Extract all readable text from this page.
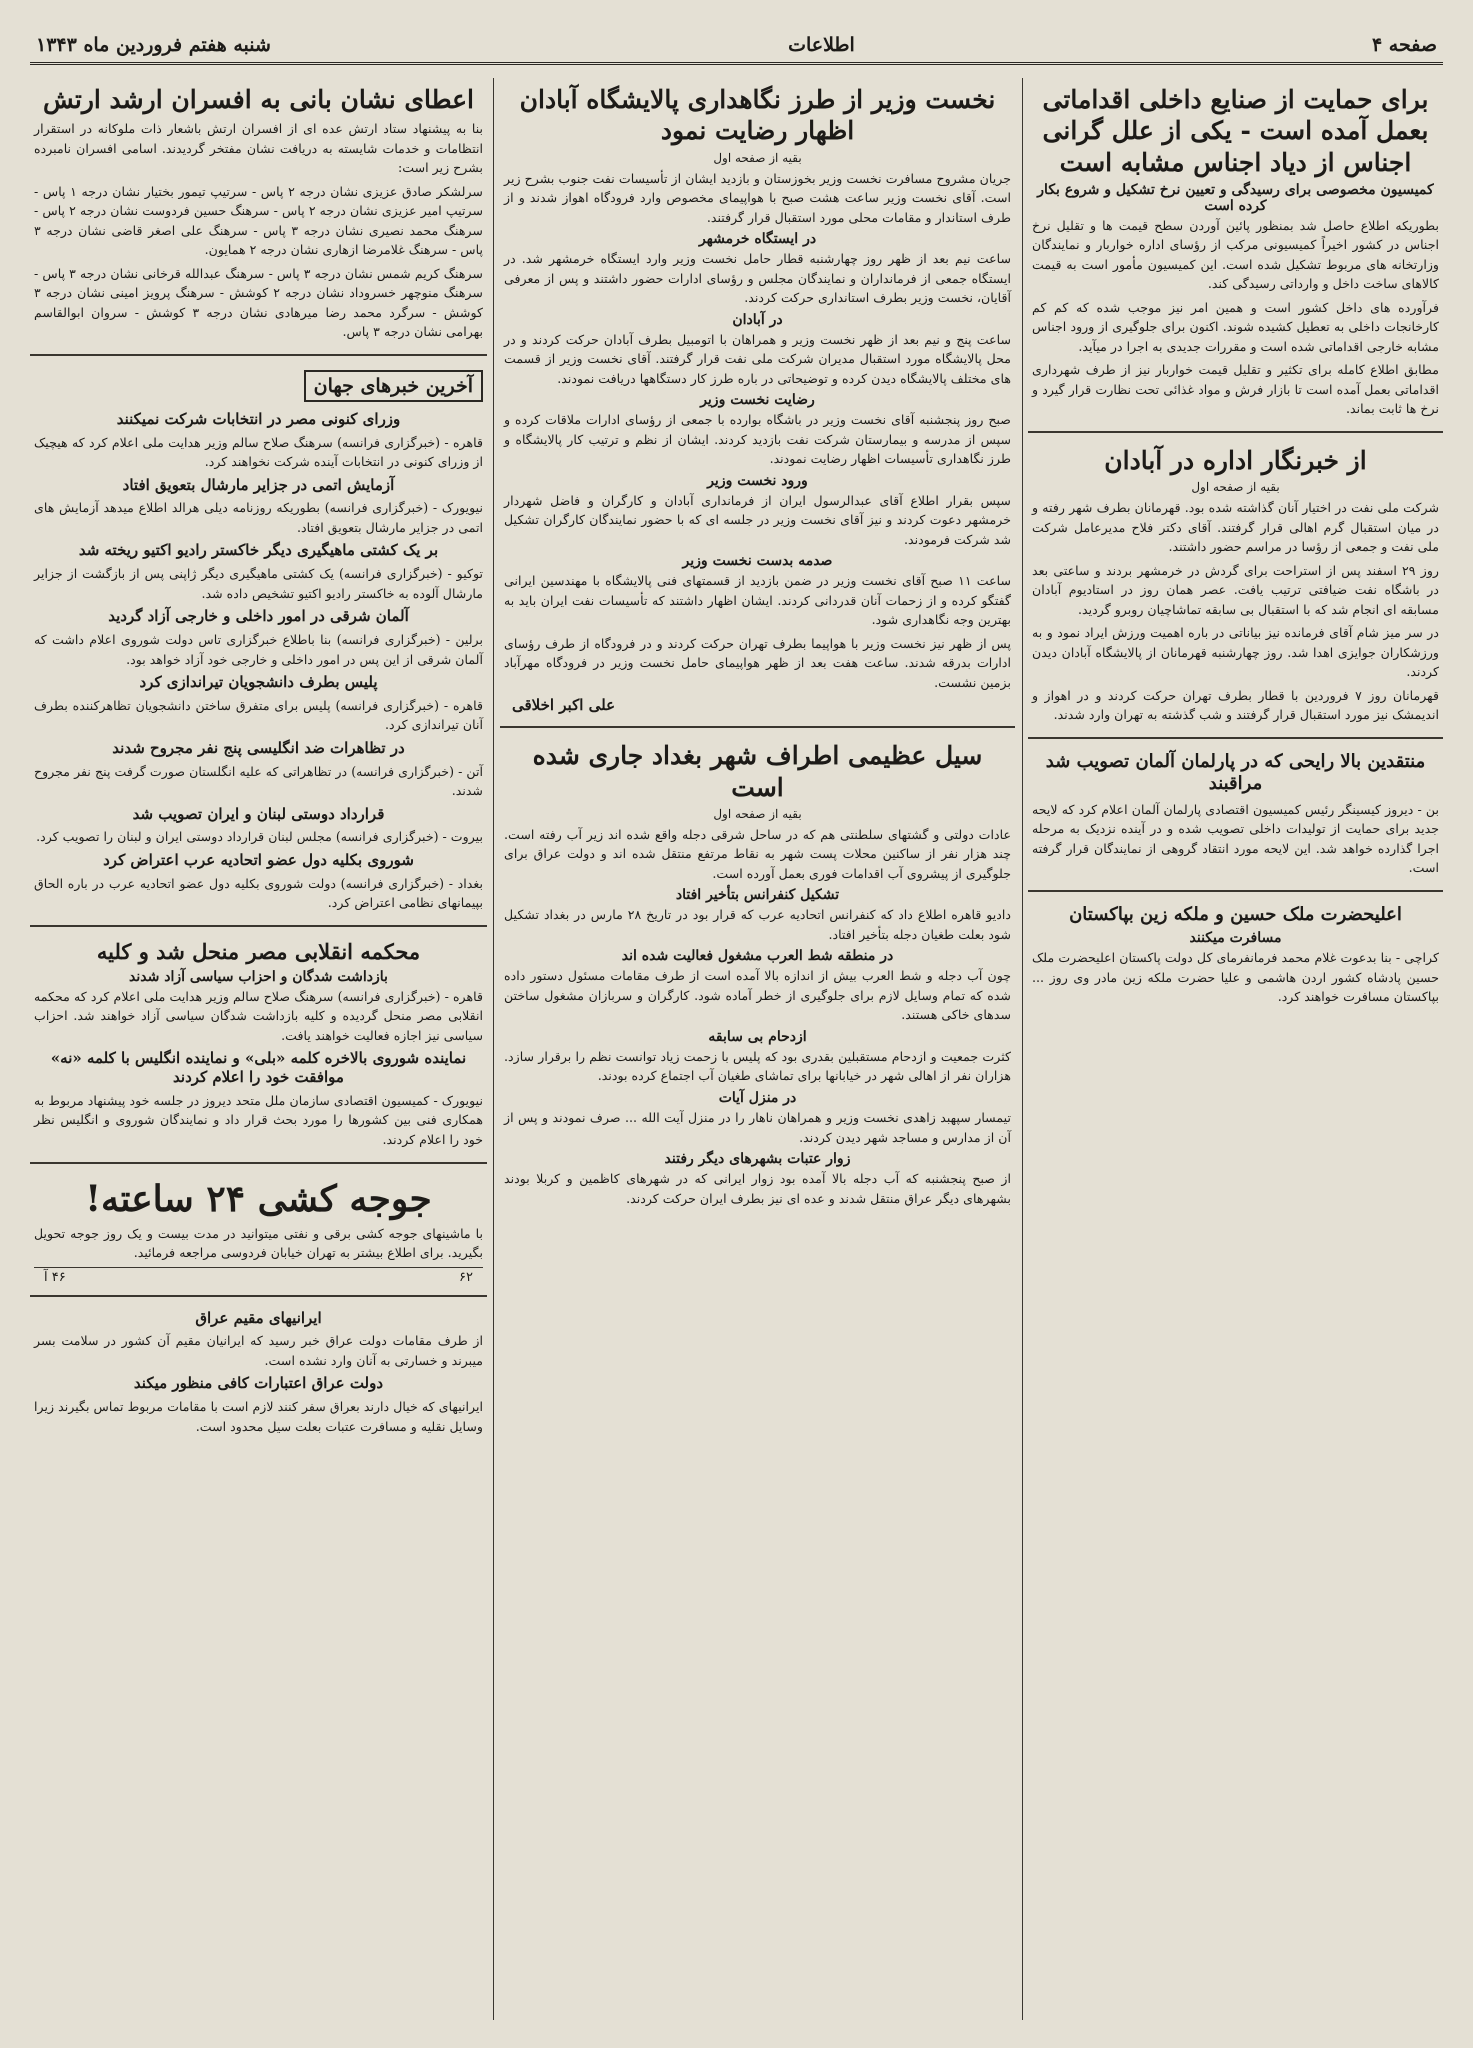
صفحه ۴
اطلاعات
شنبه هفتم فروردین ماه ۱۳۴۳
برای حمایت از صنایع داخلی اقداماتی بعمل آمده است - یکی از علل گرانی اجناس از دیاد اجناس مشابه است
کمیسیون مخصوصی برای رسیدگی و تعیین نرخ تشکیل و شروع بکار کرده است

بطوریکه اطلاع حاصل شد بمنظور پائین آوردن سطح قیمت ها و تقلیل نرخ اجناس در کشور اخیراً کمیسیونی مرکب از رؤسای اداره خواربار و نمایندگان وزارتخانه های مربوط تشکیل شده است. این کمیسیون مأمور است به قیمت کالاهای ساخت داخل و وارداتی رسیدگی کند.

فرآورده های داخل کشور است و همین امر نیز موجب شده که کم کم کارخانجات داخلی به تعطیل کشیده شوند. اکنون برای جلوگیری از ورود اجناس مشابه خارجی اقداماتی شده است و مقررات جدیدی به اجرا در میآید.

مطابق اطلاع کامله برای تکثیر و تقلیل قیمت خواربار نیز از طرف شهرداری اقداماتی بعمل آمده است تا بازار فرش و مواد غذائی تحت نظارت قرار گیرد و نرخ ها ثابت بماند.

از خبرنگار اداره در آبادان
بقیه از صفحه اول

شرکت ملی نفت در اختیار آنان گذاشته شده بود. قهرمانان بطرف شهر رفته و در میان استقبال گرم اهالی قرار گرفتند. آقای دکتر فلاح مدیرعامل شرکت ملی نفت و جمعی از رؤسا در مراسم حضور داشتند.

روز ۲۹ اسفند پس از استراحت برای گردش در خرمشهر بردند و ساعتی بعد در باشگاه نفت ضیافتی ترتیب یافت. عصر همان روز در استادیوم آبادان مسابقه ای انجام شد که با استقبال بی سابقه تماشاچیان روبرو گردید.

در سر میز شام آقای فرمانده نیز بیاناتی در باره اهمیت ورزش ایراد نمود و به ورزشکاران جوایزی اهدا شد. روز چهارشنبه قهرمانان از پالایشگاه آبادان دیدن کردند.

قهرمانان روز ۷ فروردین با قطار بطرف تهران حرکت کردند و در اهواز و اندیمشک نیز مورد استقبال قرار گرفتند و شب گذشته به تهران وارد شدند.

منتقدین بالا رایحی که در پارلمان آلمان تصویب شد مراقبند

بن - دیروز کیسینگر رئیس کمیسیون اقتصادی پارلمان آلمان اعلام کرد که لایحه جدید برای حمایت از تولیدات داخلی تصویب شده و در آینده نزدیک به مرحله اجرا گذارده خواهد شد. این لایحه مورد انتقاد گروهی از نمایندگان قرار گرفته است.

اعلیحضرت ملک حسین و ملکه زین بپاکستان
مسافرت میکنند

کراچی - بنا بدعوت غلام محمد فرمانفرمای کل دولت پاکستان اعلیحضرت ملک حسین پادشاه کشور اردن هاشمی و علیا حضرت ملکه زین مادر وی روز ... بپاکستان مسافرت خواهند کرد.

نخست وزیر از طرز نگاهداری پالایشگاه آبادان اظهار رضایت نمود
بقیه از صفحه اول

جریان مشروح مسافرت نخست وزیر بخوزستان و بازدید ایشان از تأسیسات نفت جنوب بشرح زیر است. آقای نخست وزیر ساعت هشت صبح با هواپیمای مخصوص وارد فرودگاه اهواز شدند و از طرف استاندار و مقامات محلی مورد استقبال قرار گرفتند.

در ایستگاه خرمشهر

ساعت نیم بعد از ظهر روز چهارشنبه قطار حامل نخست وزیر وارد ایستگاه خرمشهر شد. در ایستگاه جمعی از فرمانداران و نمایندگان مجلس و رؤسای ادارات حضور داشتند و پس از معرفی آقایان، نخست وزیر بطرف استانداری حرکت کردند.

در آبادان

ساعت پنج و نیم بعد از ظهر نخست وزیر و همراهان با اتومبیل بطرف آبادان حرکت کردند و در محل پالایشگاه مورد استقبال مدیران شرکت ملی نفت قرار گرفتند. آقای نخست وزیر از قسمت های مختلف پالایشگاه دیدن کرده و توضیحاتی در باره طرز کار دستگاهها دریافت نمودند.

رضایت نخست وزیر

صبح روز پنجشنبه آقای نخست وزیر در باشگاه بوارده با جمعی از رؤسای ادارات ملاقات کرده و سپس از مدرسه و بیمارستان شرکت نفت بازدید کردند. ایشان از نظم و ترتیب کار پالایشگاه و طرز نگاهداری تأسیسات اظهار رضایت نمودند.

ورود نخست وزیر

سپس بقرار اطلاع آقای عبدالرسول ایران از فرمانداری آبادان و کارگران و فاضل شهردار خرمشهر دعوت کردند و نیز آقای نخست وزیر در جلسه ای که با حضور نمایندگان کارگران تشکیل شد شرکت فرمودند.

صدمه بدست نخست وزیر

ساعت ۱۱ صبح آقای نخست وزیر در ضمن بازدید از قسمتهای فنی پالایشگاه با مهندسین ایرانی گفتگو کرده و از زحمات آنان قدردانی کردند. ایشان اظهار داشتند که تأسیسات نفت ایران باید به بهترین وجه نگاهداری شود.

پس از ظهر نیز نخست وزیر با هواپیما بطرف تهران حرکت کردند و در فرودگاه از طرف رؤسای ادارات بدرقه شدند. ساعت هفت بعد از ظهر هواپیمای حامل نخست وزیر در فرودگاه مهرآباد بزمین نشست.

علی اکبر اخلاقی
سیل عظیمی اطراف شهر بغداد جاری شده است
بقیه از صفحه اول

عادات دولتی و گشتهای سلطنتی هم که در ساحل شرقی دجله واقع شده اند زیر آب رفته است. چند هزار نفر از ساکنین محلات پست شهر به نقاط مرتفع منتقل شده اند و دولت عراق برای جلوگیری از پیشروی آب اقدامات فوری بعمل آورده است.

تشکیل کنفرانس بتأخیر افتاد

دادیو قاهره اطلاع داد که کنفرانس اتحادیه عرب که قرار بود در تاریخ ۲۸ مارس در بغداد تشکیل شود بعلت طغیان دجله بتأخیر افتاد.

در منطقه شط العرب مشغول فعالیت شده اند

چون آب دجله و شط العرب بیش از اندازه بالا آمده است از طرف مقامات مسئول دستور داده شده که تمام وسایل لازم برای جلوگیری از خطر آماده شود. کارگران و سربازان مشغول ساختن سدهای خاکی هستند.

ازدحام بی سابقه

کثرت جمعیت و ازدحام مستقبلین بقدری بود که پلیس با زحمت زیاد توانست نظم را برقرار سازد. هزاران نفر از اهالی شهر در خیابانها برای تماشای طغیان آب اجتماع کرده بودند.

در منزل آیات

تیمسار سپهبد زاهدی نخست وزیر و همراهان ناهار را در منزل آیت الله ... صرف نمودند و پس از آن از مدارس و مساجد شهر دیدن کردند.

زوار عتبات بشهرهای دیگر رفتند

از صبح پنجشنبه که آب دجله بالا آمده بود زوار ایرانی که در شهرهای کاظمین و کربلا بودند بشهرهای دیگر عراق منتقل شدند و عده ای نیز بطرف ایران حرکت کردند.

اعطای نشان بانی به افسران ارشد ارتش

بنا به پیشنهاد ستاد ارتش عده ای از افسران ارتش باشعار ذات ملوکانه در استقرار انتظامات و خدمات شایسته به دریافت نشان مفتخر گردیدند. اسامی افسران نامبرده بشرح زیر است:

سرلشکر صادق عزیزی نشان درجه ۲ پاس - سرتیپ تیمور بختیار نشان درجه ۱ پاس - سرتیپ امیر عزیزی نشان درجه ۲ پاس - سرهنگ حسین فردوست نشان درجه ۲ پاس - سرهنگ محمد نصیری نشان درجه ۳ پاس - سرهنگ علی اصغر قاضی نشان درجه ۳ پاس - سرهنگ غلامرضا ازهاری نشان درجه ۲ همایون.

سرهنگ کریم شمس نشان درجه ۳ پاس - سرهنگ عبدالله قرخانی نشان درجه ۳ پاس - سرهنگ منوچهر خسروداد نشان درجه ۲ کوشش - سرهنگ پرویز امینی نشان درجه ۳ کوشش - سرگرد محمد رضا میرهادی نشان درجه ۳ کوشش - سروان ابوالقاسم بهرامی نشان درجه ۳ پاس.

آخرین خبرهای جهان
وزرای کنونی مصر در انتخابات شرکت نمیکنند

قاهره - (خبرگزاری فرانسه) سرهنگ صلاح سالم وزیر هدایت ملی اعلام کرد که هیچیک از وزرای کنونی در انتخابات آینده شرکت نخواهند کرد.

آزمایش اتمی در جزایر مارشال بتعویق افتاد

نیویورک - (خبرگزاری فرانسه) بطوریکه روزنامه دیلی هرالد اطلاع میدهد آزمایش های اتمی در جزایر مارشال بتعویق افتاد.

بر یک کشتی ماهیگیری دیگر خاکستر رادیو اکتیو ریخته شد

توکیو - (خبرگزاری فرانسه) یک کشتی ماهیگیری دیگر ژاپنی پس از بازگشت از جزایر مارشال آلوده به خاکستر رادیو اکتیو تشخیص داده شد.

آلمان شرقی در امور داخلی و خارجی آزاد گردید

برلین - (خبرگزاری فرانسه) بنا باطلاع خبرگزاری تاس دولت شوروی اعلام داشت که آلمان شرقی از این پس در امور داخلی و خارجی خود آزاد خواهد بود.

پلیس بطرف دانشجویان تیراندازی کرد

قاهره - (خبرگزاری فرانسه) پلیس برای متفرق ساختن دانشجویان تظاهرکننده بطرف آنان تیراندازی کرد.

در تظاهرات ضد انگلیسی پنج نفر مجروح شدند

آتن - (خبرگزاری فرانسه) در تظاهراتی که علیه انگلستان صورت گرفت پنج نفر مجروح شدند.

قرارداد دوستی لبنان و ایران تصویب شد

بیروت - (خبرگزاری فرانسه) مجلس لبنان قرارداد دوستی ایران و لبنان را تصویب کرد.

شوروی بکلیه دول عضو اتحادیه عرب اعتراض کرد

بغداد - (خبرگزاری فرانسه) دولت شوروی بکلیه دول عضو اتحادیه عرب در باره الحاق بپیمانهای نظامی اعتراض کرد.

محکمه انقلابی مصر منحل شد و کلیه
بازداشت شدگان و احزاب سیاسی آزاد شدند

قاهره - (خبرگزاری فرانسه) سرهنگ صلاح سالم وزیر هدایت ملی اعلام کرد که محکمه انقلابی مصر منحل گردیده و کلیه بازداشت شدگان سیاسی آزاد خواهند شد. احزاب سیاسی نیز اجازه فعالیت خواهند یافت.

نماینده شوروی بالاخره کلمه «بلی» و نماینده انگلیس با کلمه «نه» موافقت خود را اعلام کردند

نیویورک - کمیسیون اقتصادی سازمان ملل متحد دیروز در جلسه خود پیشنهاد مربوط به همکاری فنی بین کشورها را مورد بحث قرار داد و نمایندگان شوروی و انگلیس نظر خود را اعلام کردند.

جوجه کشی ۲۴ ساعته!

با ماشینهای جوجه کشی برقی و نفتی میتوانید در مدت بیست و یک روز جوجه تحویل بگیرید. برای اطلاع بیشتر به تهران خیابان فردوسی مراجعه فرمائید.

۶۲
۴۶ آ
ایرانیهای مقیم عراق

از طرف مقامات دولت عراق خبر رسید که ایرانیان مقیم آن کشور در سلامت بسر میبرند و خسارتی به آنان وارد نشده است.

دولت عراق اعتبارات کافی منظور میکند

ایرانیهای که خیال دارند بعراق سفر کنند لازم است با مقامات مربوط تماس بگیرند زیرا وسایل نقلیه و مسافرت عتبات بعلت سیل محدود است.
